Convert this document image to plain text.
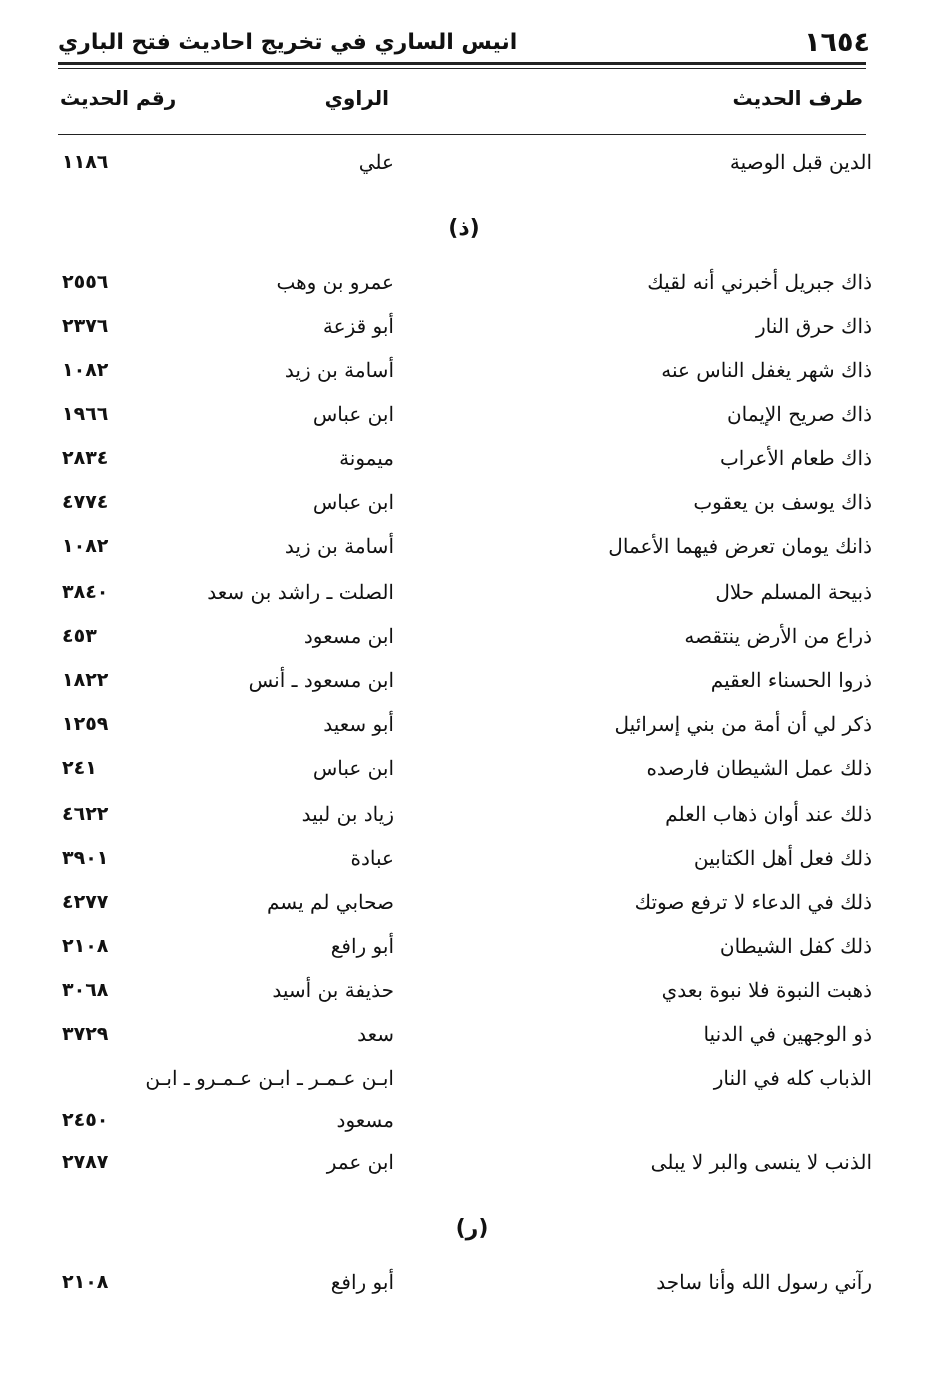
١٦٥٤
انيس الساري في تخريج احاديث فتح الباري
طرف الحديث
الراوي
رقم الحديث
الدين قبل الوصية
علي
١١٨٦
(ذ)
ذاك جبريل أخبرني أنه لقيك
عمرو بن وهب
٢٥٥٦
ذاك حرق النار
أبو قزعة
٢٣٧٦
ذاك شهر يغفل الناس عنه
أسامة بن زيد
١٠٨٢
ذاك صريح الإيمان
ابن عباس
١٩٦٦
ذاك طعام الأعراب
ميمونة
٢٨٣٤
ذاك يوسف بن يعقوب
ابن عباس
٤٧٧٤
ذانك يومان تعرض فيهما الأعمال
أسامة بن زيد
١٠٨٢
ذبيحة المسلم حلال
الصلت ـ راشد بن سعد
٣٨٤٠
ذراع من الأرض ينتقصه
ابن مسعود
٤٥٣
ذروا الحسناء العقيم
ابن مسعود ـ أنس
١٨٢٢
ذكر لي أن أمة من بني إسرائيل
أبو سعيد
١٢٥٩
ذلك عمل الشيطان فارصده
ابن عباس
٢٤١
ذلك عند أوان ذهاب العلم
زياد بن لبيد
٤٦٢٢
ذلك فعل أهل الكتابين
عبادة
٣٩٠١
ذلك في الدعاء لا ترفع صوتك
صحابي لم يسم
٤٢٧٧
ذلك كفل الشيطان
أبو رافع
٢١٠٨
ذهبت النبوة فلا نبوة بعدي
حذيفة بن أسيد
٣٠٦٨
ذو الوجهين في الدنيا
سعد
٣٧٢٩
الذباب كله في النار
ابـن عـمـر ـ ابـن عـمـرو ـ ابـن
مسعود
٢٤٥٠
الذنب لا ينسى والبر لا يبلى
ابن عمر
٢٧٨٧
(ر)
رآني رسول الله وأنا ساجد
أبو رافع
٢١٠٨
